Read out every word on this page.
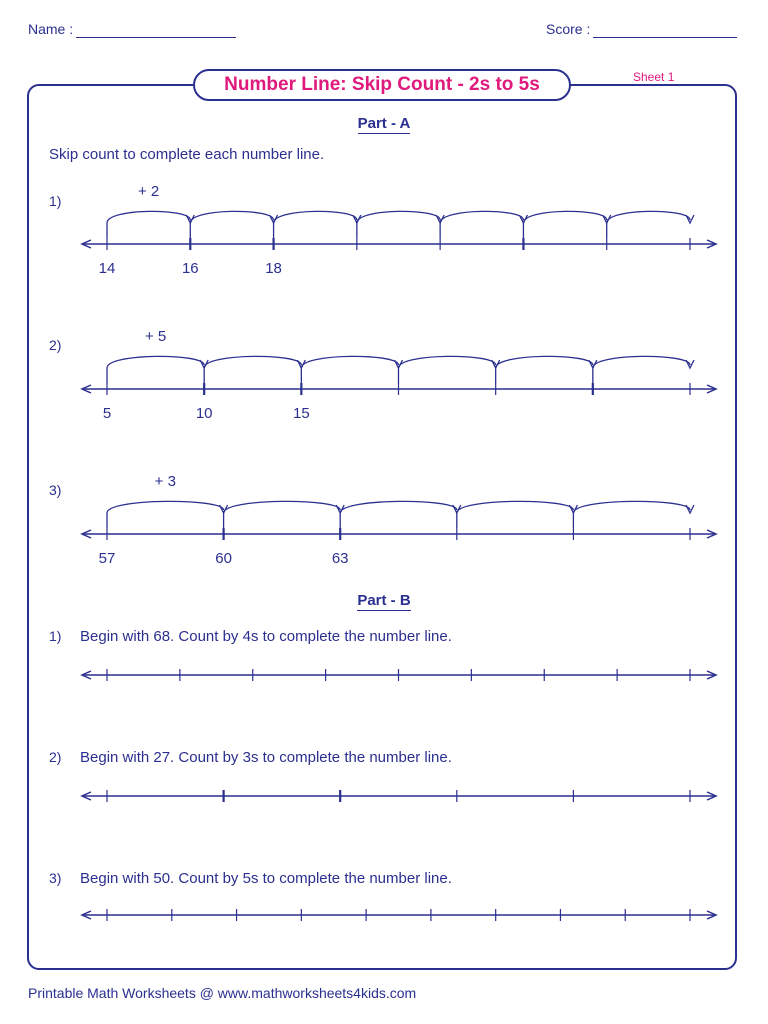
Name :	Score :
Number Line: Skip Count - 2s to 5s	Sheet 1
Part - A
Skip count to complete each number line.
1)
2)
3)
Part - B
1) Begin with 68. Count by 4s to complete the number line.
2) Begin with 27. Count by 3s to complete the number line.
3) Begin with 50. Count by 5s to complete the number line.
+ 2
14	16	18
+ 5
5	10	15
+ 3
57	60	63
Printable Math Worksheets @ www.mathworksheets4kids.com
